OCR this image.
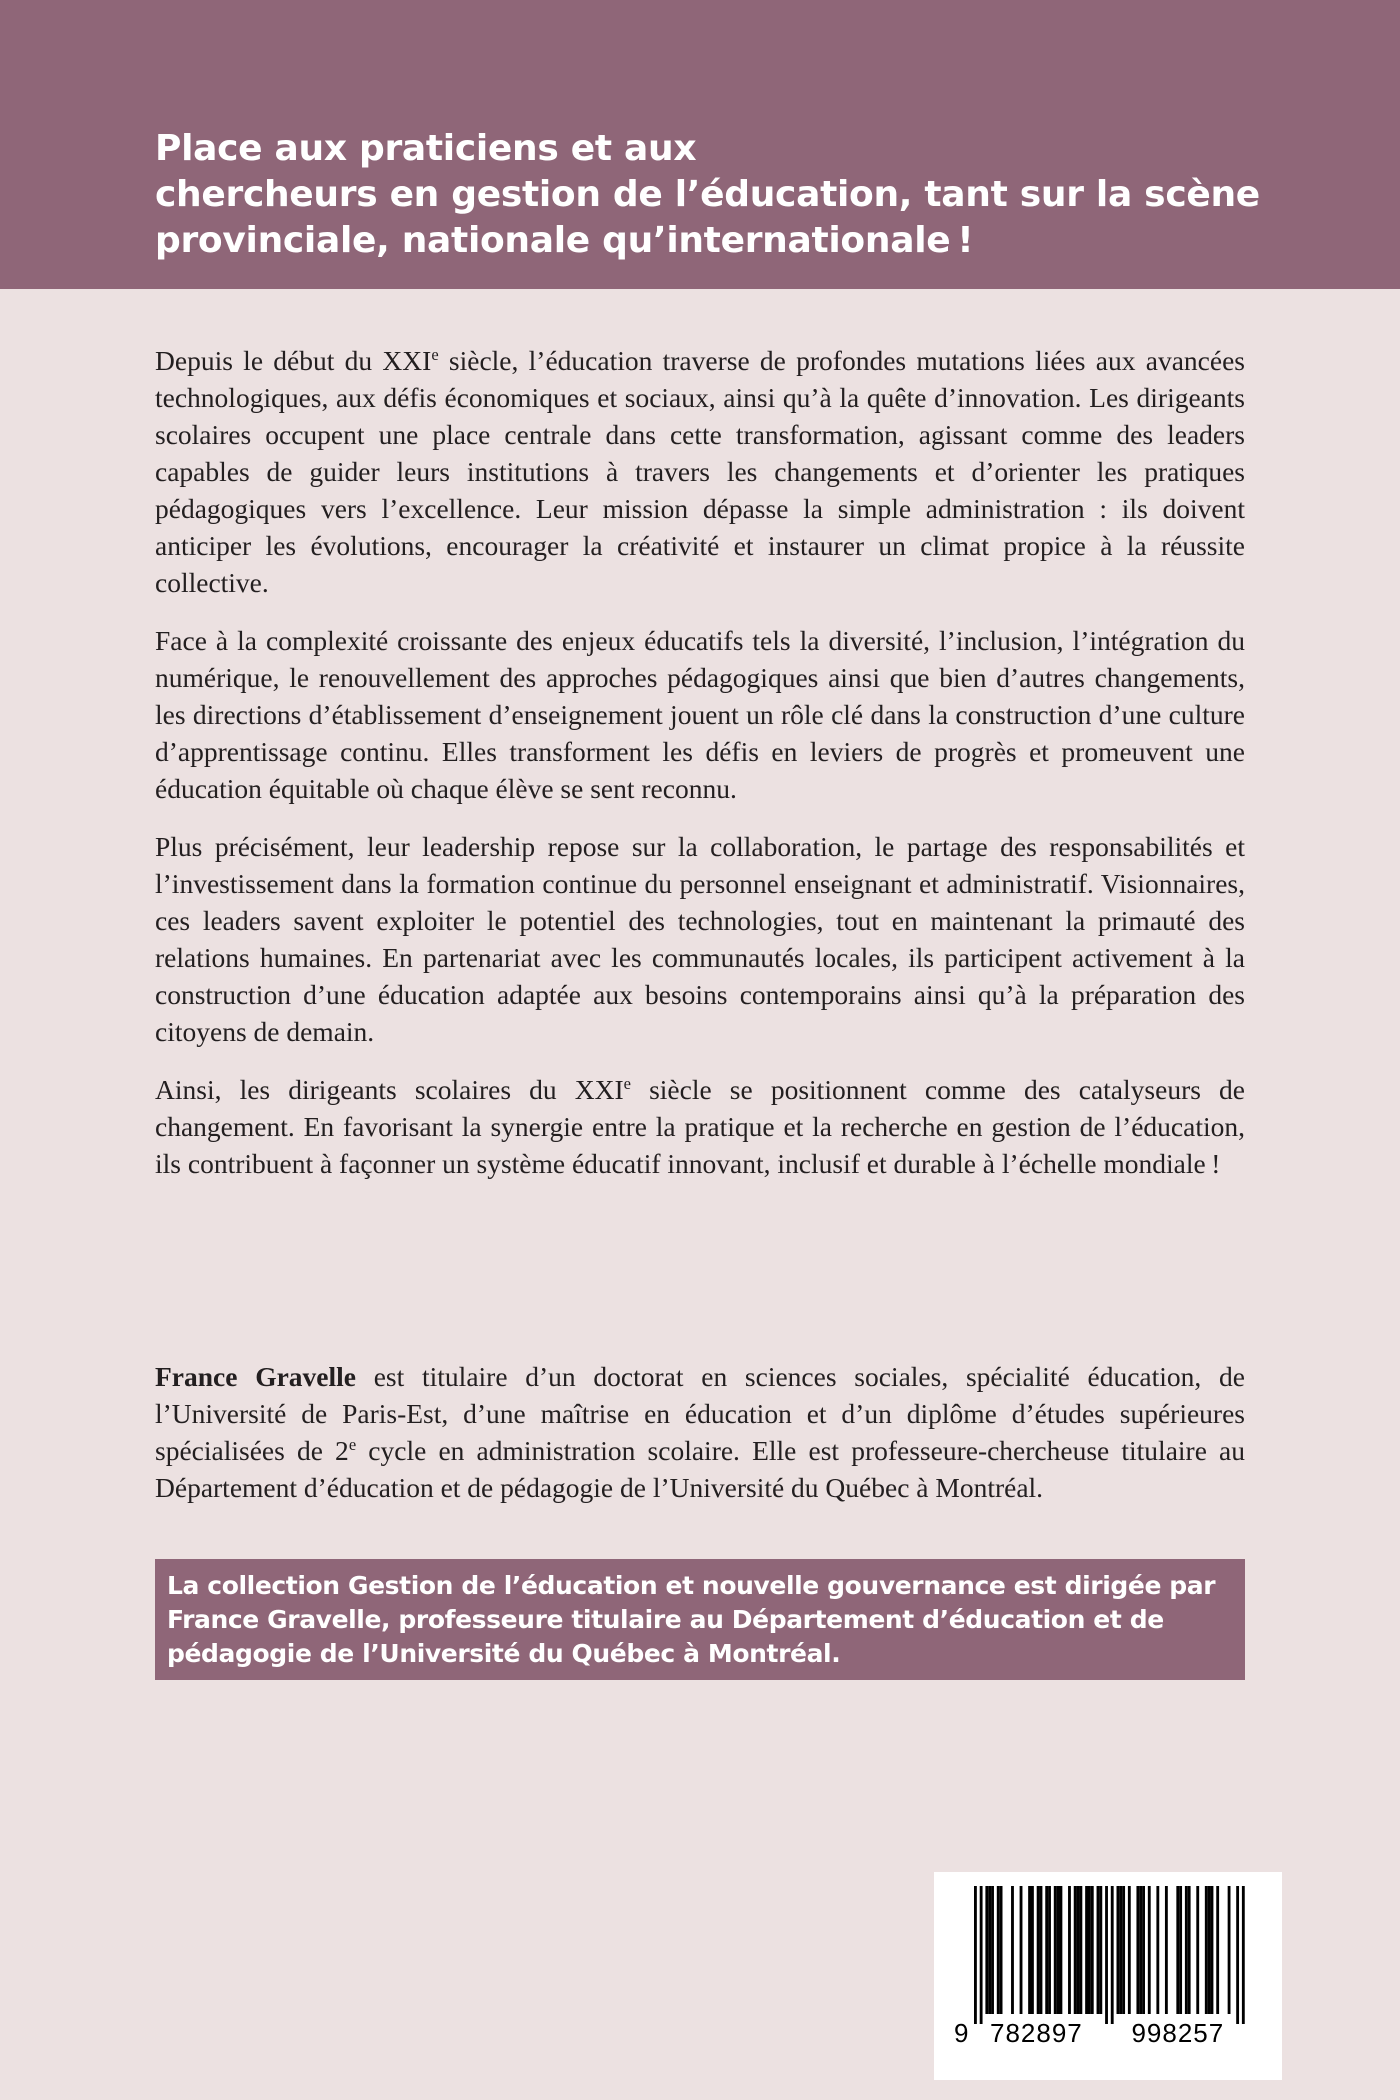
Place aux praticiens et aux
chercheurs en gestion de l’éducation, tant sur la scène
provinciale, nationale qu’internationale !

Depuis le début du XXIe siècle, l’éducation traverse de profondes mutations liées aux avancées technologiques, aux défis économiques et sociaux, ainsi qu’à la quête d’innovation. Les dirigeants scolaires occupent une place centrale dans cette transformation, agissant comme des leaders capables de guider leurs institutions à travers les changements et d’orienter les pratiques pédagogiques vers l’excellence. Leur mission dépasse la simple administration : ils doivent anticiper les évolutions, encourager la créativité et instaurer un climat propice à la réussite collective.

Face à la complexité croissante des enjeux éducatifs tels la diversité, l’inclusion, l’intégration du numérique, le renouvellement des approches pédagogiques ainsi que bien d’autres changements, les directions d’établissement d’enseignement jouent un rôle clé dans la construction d’une culture d’apprentissage continu. Elles transforment les défis en leviers de progrès et promeuvent une éducation équitable où chaque élève se sent reconnu.

Plus précisément, leur leadership repose sur la collaboration, le partage des responsabilités et l’investissement dans la formation continue du personnel enseignant et administratif. Visionnaires, ces leaders savent exploiter le potentiel des technologies, tout en maintenant la primauté des relations humaines. En partenariat avec les communautés locales, ils participent activement à la construction d’une éducation adaptée aux besoins contemporains ainsi qu’à la préparation des citoyens de demain.

Ainsi, les dirigeants scolaires du XXIe siècle se positionnent comme des catalyseurs de changement. En favorisant la synergie entre la pratique et la recherche en gestion de l’éducation, ils contribuent à façonner un système éducatif innovant, inclusif et durable à l’échelle mondiale !

France Gravelle est titulaire d’un doctorat en sciences sociales, spécialité éducation, de l’Université de Paris-Est, d’une maîtrise en éducation et d’un diplôme d’études supérieures spécialisées de 2e cycle en administration scolaire. Elle est professeure-chercheuse titulaire au Département d’éducation et de pédagogie de l’Université du Québec à Montréal.

La collection Gestion de l’éducation et nouvelle gouvernance est dirigée par France Gravelle, professeure titulaire au Département d’éducation et de pédagogie de l’Université du Québec à Montréal.

9 782897 998257
